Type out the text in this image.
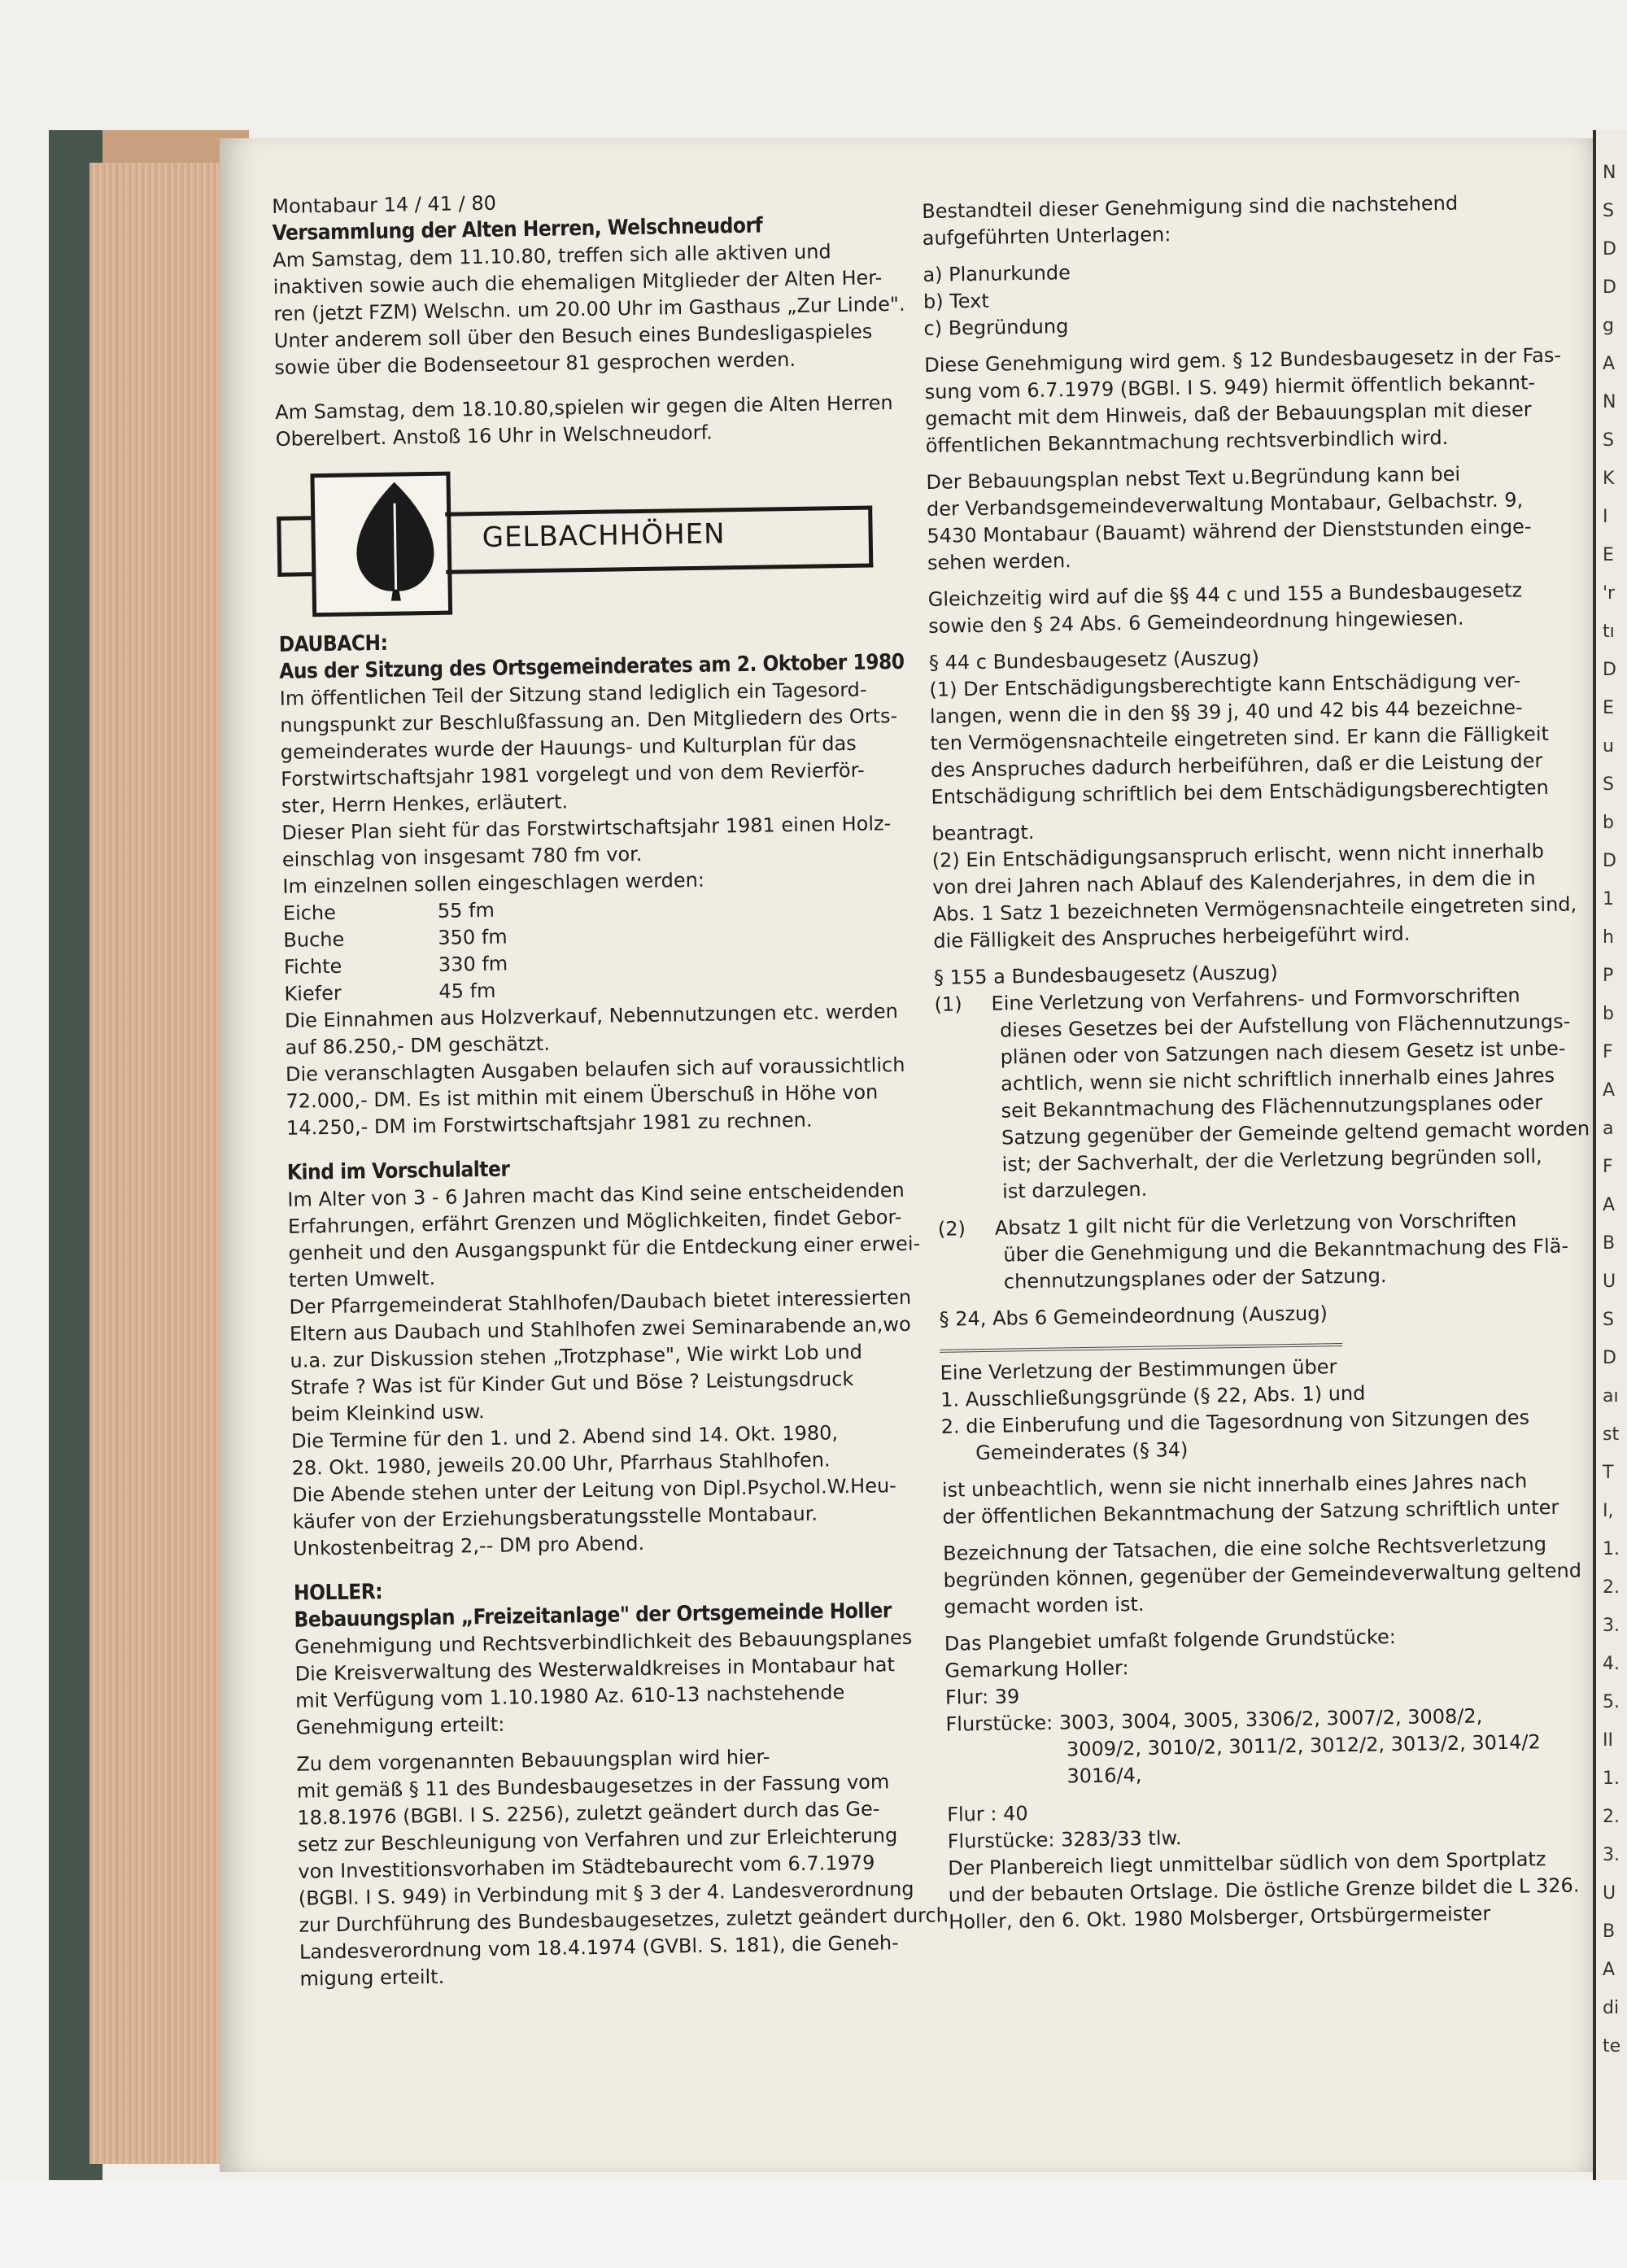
N
S
D
D
g
A
N
S
K
I
E
'r
tı
D
E
u
S
b
D
1
h
P
b
F
A
a
F
A
B
U
S
D
aı
st
T
I,
1.
2.
3.
4.
5.
II
1.
2.
3.
U
B
A
di
te

Montabaur 14 / 41 / 80

Versammlung der Alten Herren, Welschneudorf

Am Samstag, dem 11.10.80, treffen sich alle aktiven und

inaktiven sowie auch die ehemaligen Mitglieder der Alten Her-

ren (jetzt FZM) Welschn. um 20.00 Uhr im Gasthaus „Zur Linde".

Unter anderem soll über den Besuch eines Bundesligaspieles

sowie über die Bodenseetour 81 gesprochen werden.

Am Samstag, dem 18.10.80,spielen wir gegen die Alten Herren

Oberelbert. Anstoß 16 Uhr in Welschneudorf.

GELBACHHÖHEN

DAUBACH:

Aus der Sitzung des Ortsgemeinderates am 2. Oktober 1980

Im öffentlichen Teil der Sitzung stand lediglich ein Tagesord-

nungspunkt zur Beschlußfassung an. Den Mitgliedern des Orts-

gemeinderates wurde der Hauungs- und Kulturplan für das

Forstwirtschaftsjahr 1981 vorgelegt und von dem Revierför-

ster, Herrn Henkes, erläutert.

Dieser Plan sieht für das Forstwirtschaftsjahr 1981 einen Holz-

einschlag von insgesamt 780 fm vor.

Im einzelnen sollen eingeschlagen werden:

Eiche	55 fm

Buche	350 fm

Fichte	330 fm

Kiefer	45 fm

Die Einnahmen aus Holzverkauf, Nebennutzungen etc. werden

auf 86.250,- DM geschätzt.

Die veranschlagten Ausgaben belaufen sich auf voraussichtlich

72.000,- DM. Es ist mithin mit einem Überschuß in Höhe von

14.250,- DM im Forstwirtschaftsjahr 1981 zu rechnen.

Kind im Vorschulalter

Im Alter von 3 - 6 Jahren macht das Kind seine entscheidenden

Erfahrungen, erfährt Grenzen und Möglichkeiten, findet Gebor-

genheit und den Ausgangspunkt für die Entdeckung einer erwei-

terten Umwelt.

Der Pfarrgemeinderat Stahlhofen/Daubach bietet interessierten

Eltern aus Daubach und Stahlhofen zwei Seminarabende an,wo

u.a. zur Diskussion stehen „Trotzphase", Wie wirkt Lob und

Strafe ? Was ist für Kinder Gut und Böse ? Leistungsdruck

beim Kleinkind usw.

Die Termine für den 1. und 2. Abend sind 14. Okt. 1980,

28. Okt. 1980, jeweils 20.00 Uhr, Pfarrhaus Stahlhofen.

Die Abende stehen unter der Leitung von Dipl.Psychol.W.Heu-

käufer von der Erziehungsberatungsstelle Montabaur.

Unkostenbeitrag 2,-- DM pro Abend.

HOLLER:

Bebauungsplan „Freizeitanlage" der Ortsgemeinde Holler

Genehmigung und Rechtsverbindlichkeit des Bebauungsplanes

Die Kreisverwaltung des Westerwaldkreises in Montabaur hat

mit Verfügung vom 1.10.1980 Az. 610-13 nachstehende

Genehmigung erteilt:

Zu dem vorgenannten Bebauungsplan wird hier-

mit gemäß § 11 des Bundesbaugesetzes in der Fassung vom

18.8.1976 (BGBl. I S. 2256), zuletzt geändert durch das Ge-

setz zur Beschleunigung von Verfahren und zur Erleichterung

von Investitionsvorhaben im Städtebaurecht vom 6.7.1979

(BGBl. I S. 949) in Verbindung mit § 3 der 4. Landesverordnung

zur Durchführung des Bundesbaugesetzes, zuletzt geändert durch

Landesverordnung vom 18.4.1974 (GVBl. S. 181), die Geneh-

migung erteilt.

Bestandteil dieser Genehmigung sind die nachstehend

aufgeführten Unterlagen:

a) Planurkunde

b) Text

c) Begründung

Diese Genehmigung wird gem. § 12 Bundesbaugesetz in der Fas-

sung vom 6.7.1979 (BGBl. I S. 949) hiermit öffentlich bekannt-

gemacht mit dem Hinweis, daß der Bebauungsplan mit dieser

öffentlichen Bekanntmachung rechtsverbindlich wird.

Der Bebauungsplan nebst Text u.Begründung kann bei

der Verbandsgemeindeverwaltung Montabaur, Gelbachstr. 9,

5430 Montabaur (Bauamt) während der Dienststunden einge-

sehen werden.

Gleichzeitig wird auf die §§ 44 c und 155 a Bundesbaugesetz

sowie den § 24 Abs. 6 Gemeindeordnung hingewiesen.

§ 44 c Bundesbaugesetz (Auszug)

(1) Der Entschädigungsberechtigte kann Entschädigung ver-

langen, wenn die in den §§ 39 j, 40 und 42 bis 44 bezeichne-

ten Vermögensnachteile eingetreten sind. Er kann die Fälligkeit

des Anspruches dadurch herbeiführen, daß er die Leistung der

Entschädigung schriftlich bei dem Entschädigungsberechtigten

beantragt.

(2) Ein Entschädigungsanspruch erlischt, wenn nicht innerhalb

von drei Jahren nach Ablauf des Kalenderjahres, in dem die in

Abs. 1 Satz 1 bezeichneten Vermögensnachteile eingetreten sind,

die Fälligkeit des Anspruches herbeigeführt wird.

§ 155 a Bundesbaugesetz (Auszug)

(1) Eine Verletzung von Verfahrens- und Formvorschriften

dieses Gesetzes bei der Aufstellung von Flächennutzungs-

plänen oder von Satzungen nach diesem Gesetz ist unbe-

achtlich, wenn sie nicht schriftlich innerhalb eines Jahres

seit Bekanntmachung des Flächennutzungsplanes oder

Satzung gegenüber der Gemeinde geltend gemacht worden

ist; der Sachverhalt, der die Verletzung begründen soll,

ist darzulegen.

(2) Absatz 1 gilt nicht für die Verletzung von Vorschriften

über die Genehmigung und die Bekanntmachung des Flä-

chennutzungsplanes oder der Satzung.

§ 24, Abs 6 Gemeindeordnung (Auszug)

Eine Verletzung der Bestimmungen über

1. Ausschließungsgründe (§ 22, Abs. 1) und

2. die Einberufung und die Tagesordnung von Sitzungen des

Gemeinderates (§ 34)

ist unbeachtlich, wenn sie nicht innerhalb eines Jahres nach

der öffentlichen Bekanntmachung der Satzung schriftlich unter

Bezeichnung der Tatsachen, die eine solche Rechtsverletzung

begründen können, gegenüber der Gemeindeverwaltung geltend

gemacht worden ist.

Das Plangebiet umfaßt folgende Grundstücke:

Gemarkung Holler:

Flur: 39

Flurstücke: 3003, 3004, 3005, 3306/2, 3007/2, 3008/2,

3009/2, 3010/2, 3011/2, 3012/2, 3013/2, 3014/2

3016/4,

Flur : 40

Flurstücke: 3283/33 tlw.

Der Planbereich liegt unmittelbar südlich von dem Sportplatz

und der bebauten Ortslage. Die östliche Grenze bildet die L 326.

Holler, den 6. Okt. 1980 Molsberger, Ortsbürgermeister
